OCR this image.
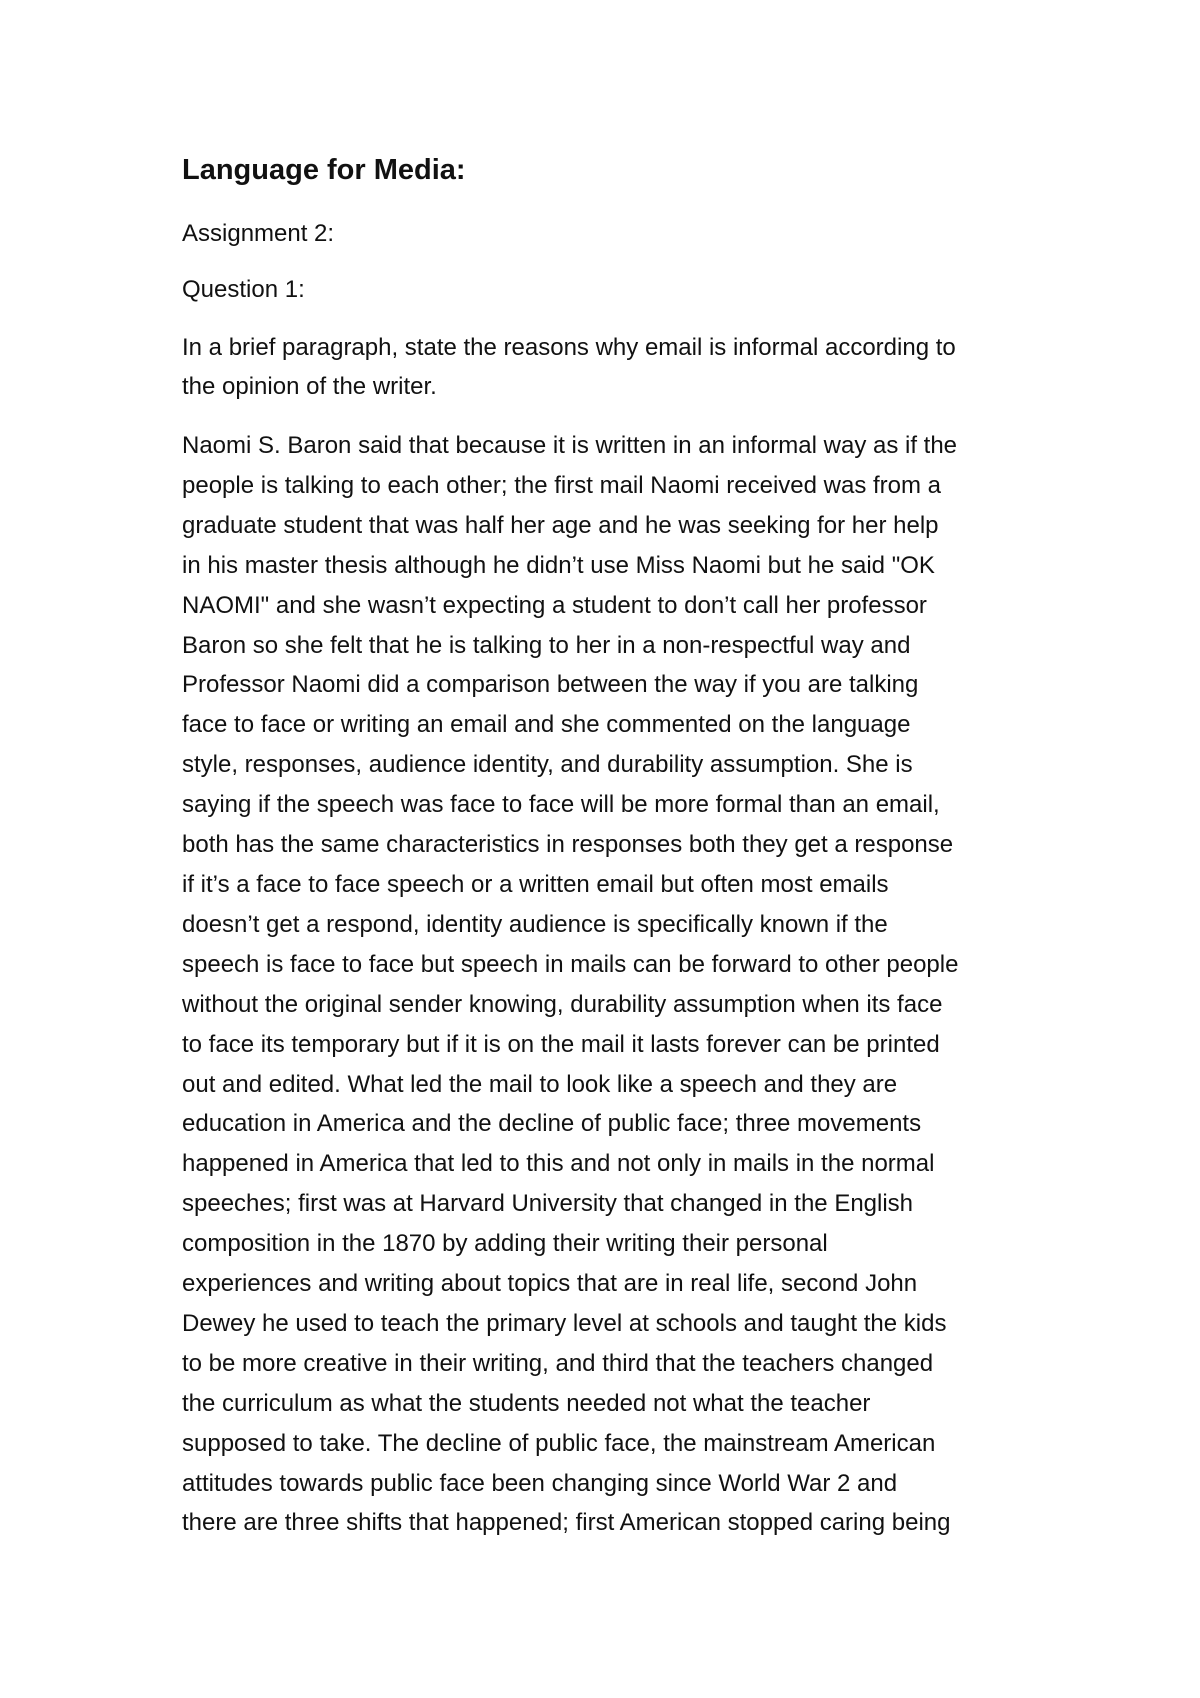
Language for Media:

Assignment 2:

Question 1:

In a brief paragraph, state the reasons why email is informal according to
the opinion of the writer.

Naomi S. Baron said that because it is written in an informal way as if the
people is talking to each other; the first mail Naomi received was from a
graduate student that was half her age and he was seeking for her help
in his master thesis although he didn’t use Miss Naomi but he said "OK
NAOMI" and she wasn’t expecting a student to don’t call her professor
Baron so she felt that he is talking to her in a non-respectful way and
Professor Naomi did a comparison between the way if you are talking
face to face or writing an email and she commented on the language
style, responses, audience identity, and durability assumption. She is
saying if the speech was face to face will be more formal than an email,
both has the same characteristics in responses both they get a response
if it’s a face to face speech or a written email but often most emails
doesn’t get a respond, identity audience is specifically known if the
speech is face to face but speech in mails can be forward to other people
without the original sender knowing, durability assumption when its face
to face its temporary but if it is on the mail it lasts forever can be printed
out and edited. What led the mail to look like a speech and they are
education in America and the decline of public face; three movements
happened in America that led to this and not only in mails in the normal
speeches; first was at Harvard University that changed in the English
composition in the 1870 by adding their writing their personal
experiences and writing about topics that are in real life, second John
Dewey he used to teach the primary level at schools and taught the kids
to be more creative in their writing, and third that the teachers changed
the curriculum as what the students needed not what the teacher
supposed to take. The decline of public face, the mainstream American
attitudes towards public face been changing since World War 2 and
there are three shifts that happened; first American stopped caring being
